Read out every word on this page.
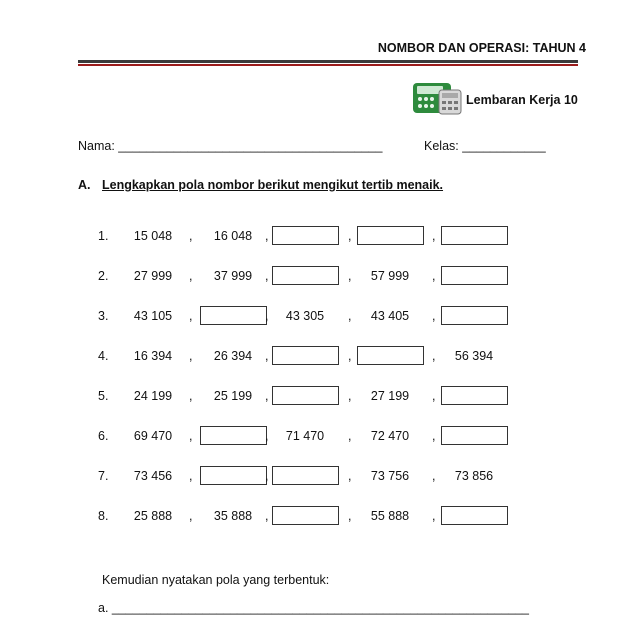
NOMBOR DAN OPERASI: TAHUN 4
Lembaran Kerja 10
Nama: ______________________________________	Kelas: ____________
A. Lengkapkan pola nombor berikut mengikut tertib menaik.
1.	15 048	,	16 048	,	,	,
2.	27 999	,	37 999	,	,	57 999	,
3.	43 105	,	,	43 305	,	43 405	,
4.	16 394	,	26 394	,	,	,	56 394
5.	24 199	,	25 199	,	,	27 199	,
6.	69 470	,	,	71 470	,	72 470	,
7.	73 456	,	,	,	73 756	,	73 856
8.	25 888	,	35 888	,	,	55 888	,
Kemudian nyatakan pola yang terbentuk:
a. ____________________________________________________________
